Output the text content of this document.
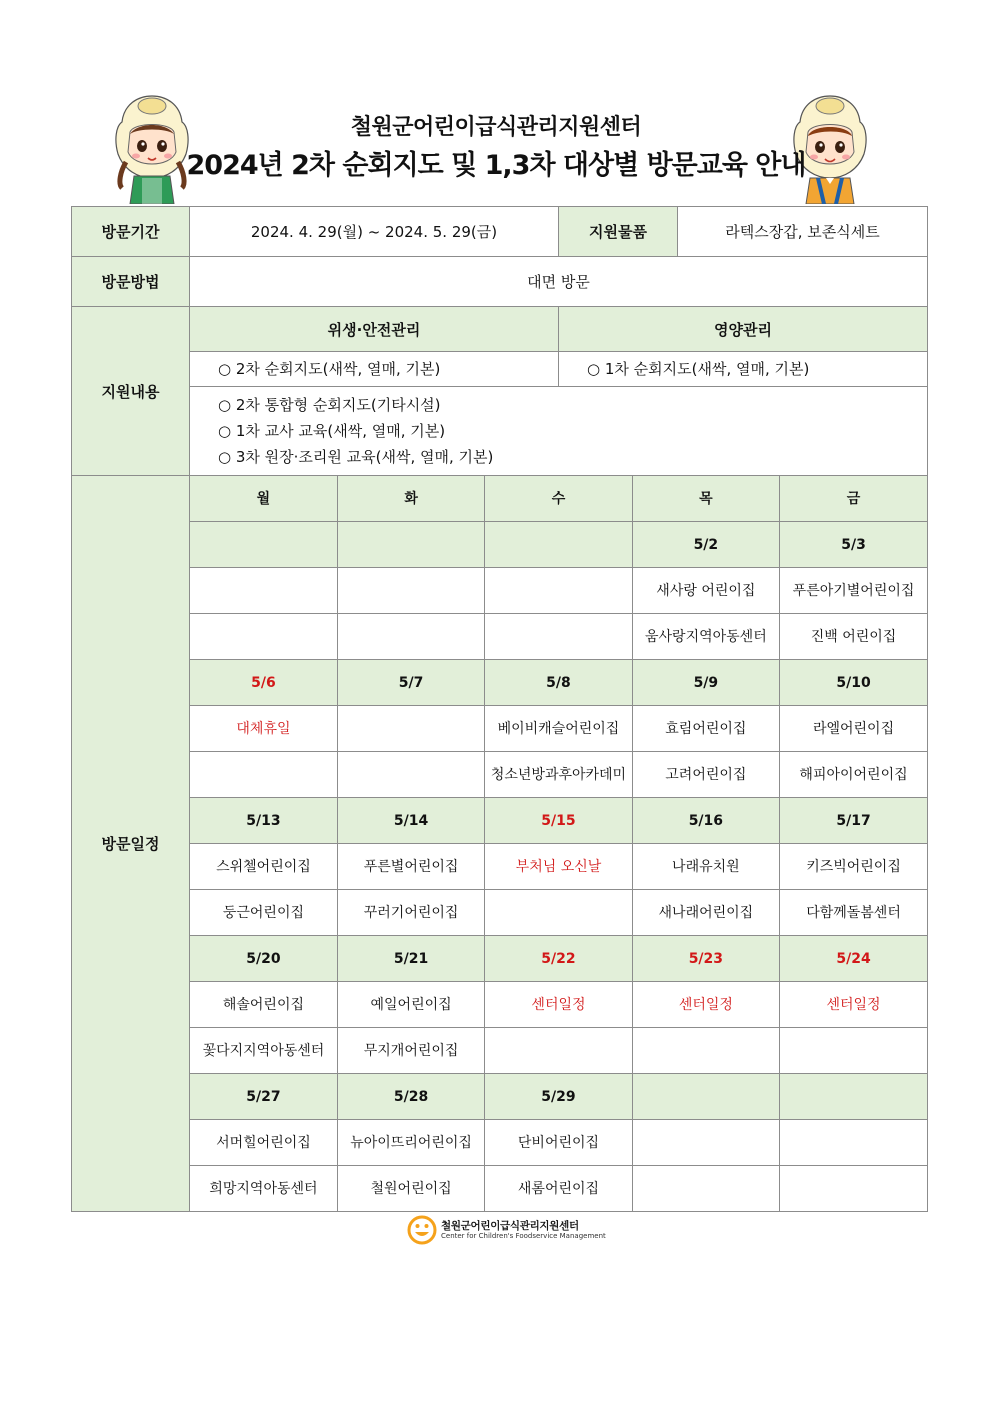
철원군어린이급식관리지원센터
2024년 2차 순회지도 및 1,3차 대상별 방문교육 안내
방문기간	2024. 4. 29(월) ~ 2024. 5. 29(금)	지원물품	라텍스장갑, 보존식세트
방문방법	대면 방문
지원내용	위생·안전관리	영양관리
○ 2차 순회지도(새싹, 열매, 기본)	○ 1차 순회지도(새싹, 열매, 기본)

○ 2차 통합형 순회지도(기타시설)
○ 1차 교사 교육(새싹, 열매, 기본)
○ 3차 원장·조리원 교육(새싹, 열매, 기본)

방문일정	
월	화	수	목	금
			5/2	5/3
			새사랑 어린이집	푸른아기별어린이집
			움사랑지역아동센터	진백 어린이집
5/6	5/7	5/8	5/9	5/10
대체휴일		베이비캐슬어린이집	효림어린이집	라엘어린이집
		청소년방과후아카데미	고려어린이집	해피아이어린이집
5/13	5/14	5/15	5/16	5/17
스위첼어린이집	푸른별어린이집	부처님 오신날	나래유치원	키즈빅어린이집
둥근어린이집	꾸러기어린이집		새나래어린이집	다함께돌봄센터
5/20	5/21	5/22	5/23	5/24
해솔어린이집	예일어린이집	센터일정	센터일정	센터일정
꽃다지지역아동센터	무지개어린이집			
5/27	5/28	5/29		
서머힐어린이집	뉴아이뜨리어린이집	단비어린이집		
희망지역아동센터	철원어린이집	새롬어린이집		
철원군어린이급식관리지원센터
Center for Children's Foodservice Management
